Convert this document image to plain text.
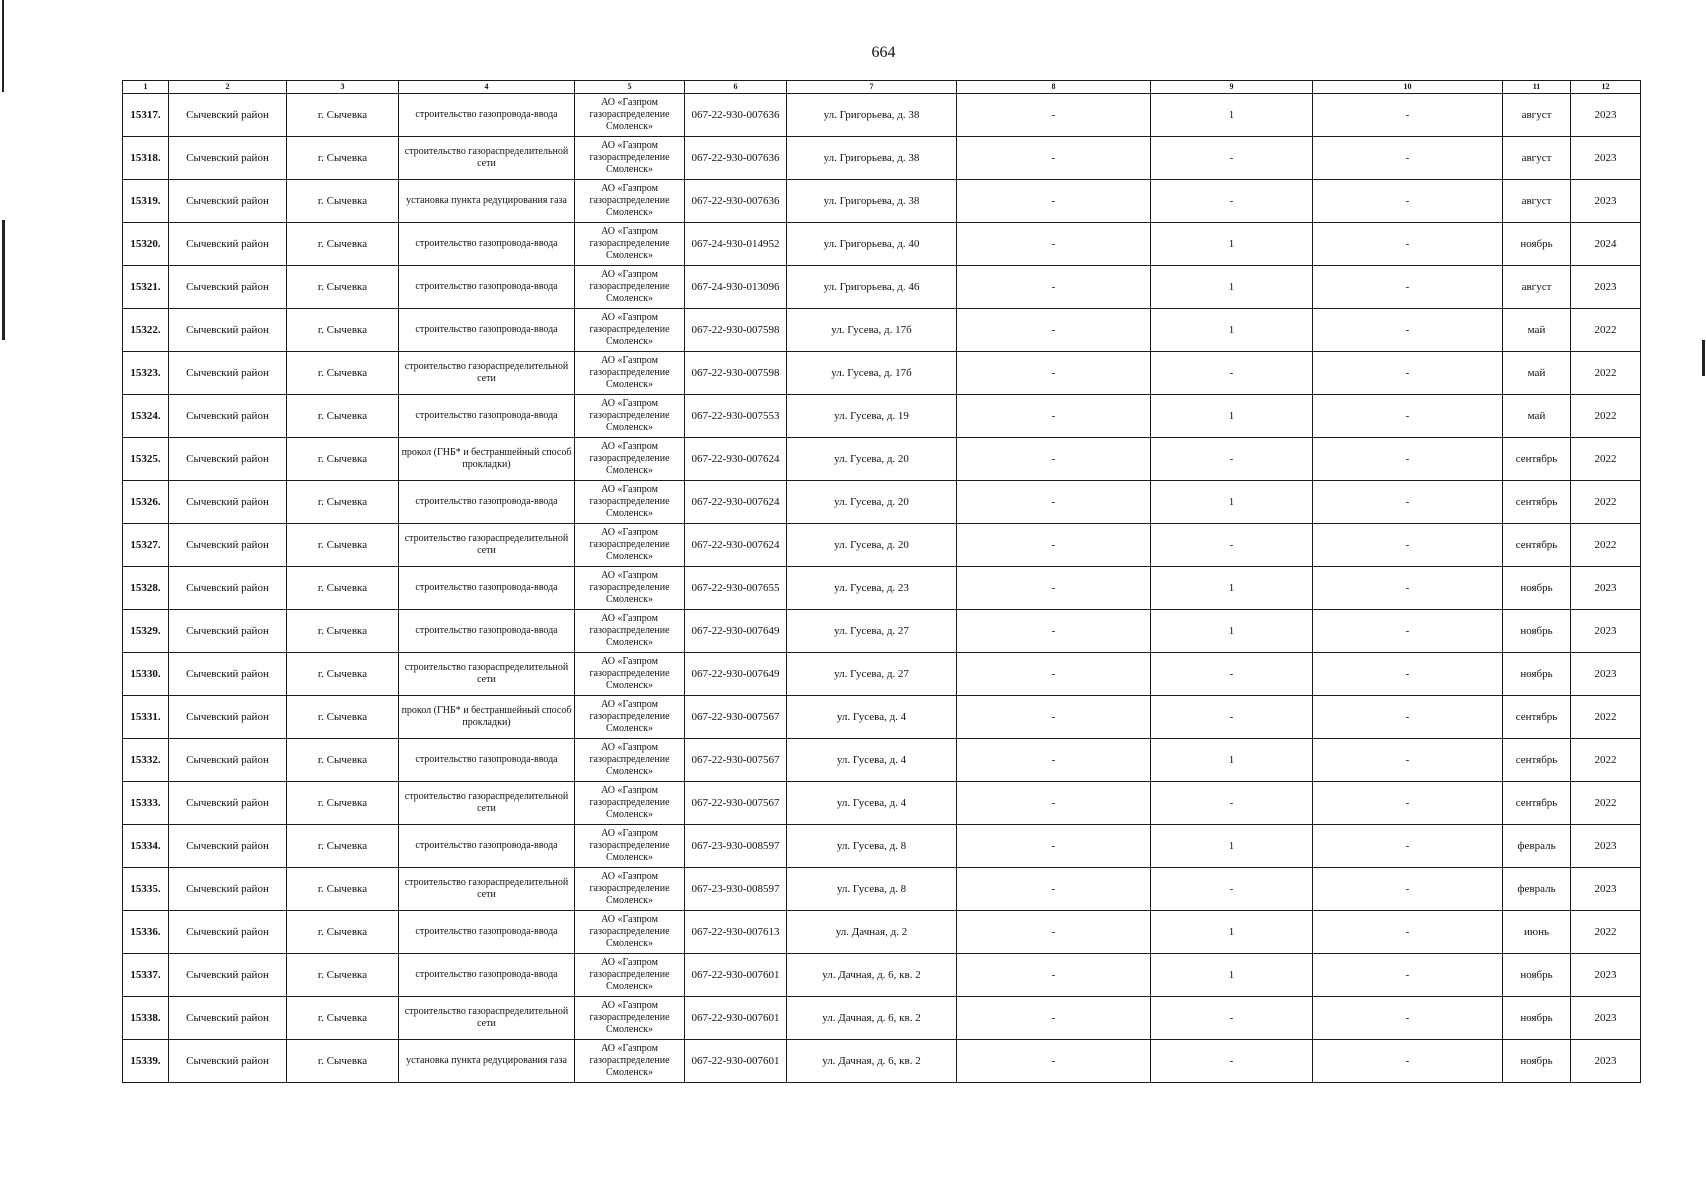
664
1	2	3	4	5	6	7	8	9	10	11	12
15317.	Сычевский район	г. Сычевка	строительство газопровода-ввода	АО «Газпром газораспределение Смоленск»	067-22-930-007636	ул. Григорьева, д. 38	-	1	-	август	2023
15318.	Сычевский район	г. Сычевка	строительство газораспределительной сети	АО «Газпром газораспределение Смоленск»	067-22-930-007636	ул. Григорьева, д. 38	-	-	-	август	2023
15319.	Сычевский район	г. Сычевка	установка пункта редуцирования газа	АО «Газпром газораспределение Смоленск»	067-22-930-007636	ул. Григорьева, д. 38	-	-	-	август	2023
15320.	Сычевский район	г. Сычевка	строительство газопровода-ввода	АО «Газпром газораспределение Смоленск»	067-24-930-014952	ул. Григорьева, д. 40	-	1	-	ноябрь	2024
15321.	Сычевский район	г. Сычевка	строительство газопровода-ввода	АО «Газпром газораспределение Смоленск»	067-24-930-013096	ул. Григорьева, д. 46	-	1	-	август	2023
15322.	Сычевский район	г. Сычевка	строительство газопровода-ввода	АО «Газпром газораспределение Смоленск»	067-22-930-007598	ул. Гусева, д. 17б	-	1	-	май	2022
15323.	Сычевский район	г. Сычевка	строительство газораспределительной сети	АО «Газпром газораспределение Смоленск»	067-22-930-007598	ул. Гусева, д. 17б	-	-	-	май	2022
15324.	Сычевский район	г. Сычевка	строительство газопровода-ввода	АО «Газпром газораспределение Смоленск»	067-22-930-007553	ул. Гусева, д. 19	-	1	-	май	2022
15325.	Сычевский район	г. Сычевка	прокол (ГНБ* и бестраншейный способ прокладки)	АО «Газпром газораспределение Смоленск»	067-22-930-007624	ул. Гусева, д. 20	-	-	-	сентябрь	2022
15326.	Сычевский район	г. Сычевка	строительство газопровода-ввода	АО «Газпром газораспределение Смоленск»	067-22-930-007624	ул. Гусева, д. 20	-	1	-	сентябрь	2022
15327.	Сычевский район	г. Сычевка	строительство газораспределительной сети	АО «Газпром газораспределение Смоленск»	067-22-930-007624	ул. Гусева, д. 20	-	-	-	сентябрь	2022
15328.	Сычевский район	г. Сычевка	строительство газопровода-ввода	АО «Газпром газораспределение Смоленск»	067-22-930-007655	ул. Гусева, д. 23	-	1	-	ноябрь	2023
15329.	Сычевский район	г. Сычевка	строительство газопровода-ввода	АО «Газпром газораспределение Смоленск»	067-22-930-007649	ул. Гусева, д. 27	-	1	-	ноябрь	2023
15330.	Сычевский район	г. Сычевка	строительство газораспределительной сети	АО «Газпром газораспределение Смоленск»	067-22-930-007649	ул. Гусева, д. 27	-	-	-	ноябрь	2023
15331.	Сычевский район	г. Сычевка	прокол (ГНБ* и бестраншейный способ прокладки)	АО «Газпром газораспределение Смоленск»	067-22-930-007567	ул. Гусева, д. 4	-	-	-	сентябрь	2022
15332.	Сычевский район	г. Сычевка	строительство газопровода-ввода	АО «Газпром газораспределение Смоленск»	067-22-930-007567	ул. Гусева, д. 4	-	1	-	сентябрь	2022
15333.	Сычевский район	г. Сычевка	строительство газораспределительной сети	АО «Газпром газораспределение Смоленск»	067-22-930-007567	ул. Гусева, д. 4	-	-	-	сентябрь	2022
15334.	Сычевский район	г. Сычевка	строительство газопровода-ввода	АО «Газпром газораспределение Смоленск»	067-23-930-008597	ул. Гусева, д. 8	-	1	-	февраль	2023
15335.	Сычевский район	г. Сычевка	строительство газораспределительной сети	АО «Газпром газораспределение Смоленск»	067-23-930-008597	ул. Гусева, д. 8	-	-	-	февраль	2023
15336.	Сычевский район	г. Сычевка	строительство газопровода-ввода	АО «Газпром газораспределение Смоленск»	067-22-930-007613	ул. Дачная, д. 2	-	1	-	июнь	2022
15337.	Сычевский район	г. Сычевка	строительство газопровода-ввода	АО «Газпром газораспределение Смоленск»	067-22-930-007601	ул. Дачная, д. 6, кв. 2	-	1	-	ноябрь	2023
15338.	Сычевский район	г. Сычевка	строительство газораспределительной сети	АО «Газпром газораспределение Смоленск»	067-22-930-007601	ул. Дачная, д. 6, кв. 2	-	-	-	ноябрь	2023
15339.	Сычевский район	г. Сычевка	установка пункта редуцирования газа	АО «Газпром газораспределение Смоленск»	067-22-930-007601	ул. Дачная, д. 6, кв. 2	-	-	-	ноябрь	2023
